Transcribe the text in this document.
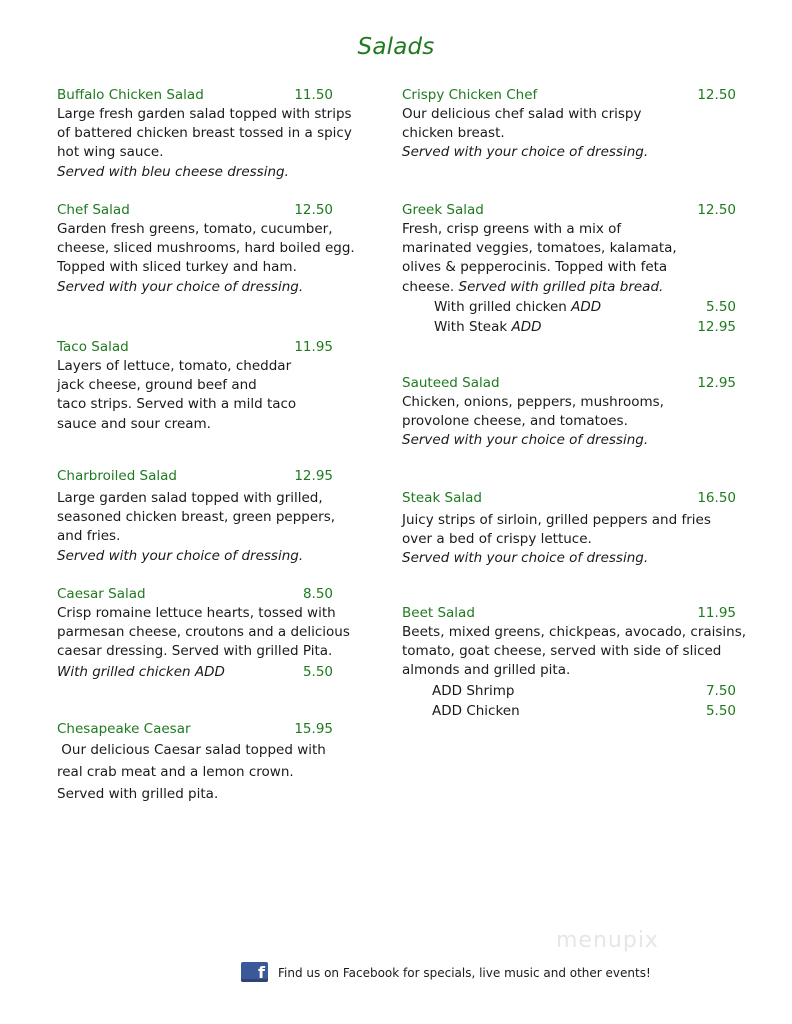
Salads
Buffalo Chicken Salad	11.50
Large fresh garden salad topped with strips
of battered chicken breast tossed in a spicy
hot wing sauce.
Served with bleu cheese dressing.
Chef Salad	12.50
Garden fresh greens, tomato, cucumber,
cheese, sliced mushrooms, hard boiled egg.
Topped with sliced turkey and ham.
Served with your choice of dressing.
Taco Salad	11.95
Layers of lettuce, tomato, cheddar
jack cheese, ground beef and
taco strips. Served with a mild taco
sauce and sour cream.
Charbroiled Salad	12.95
Large garden salad topped with grilled,
seasoned chicken breast, green peppers,
and fries.
Served with your choice of dressing.
Caesar Salad	8.50
Crisp romaine lettuce hearts, tossed with
parmesan cheese, croutons and a delicious
caesar dressing. Served with grilled Pita.
With grilled chicken ADD	5.50
Chesapeake Caesar	15.95
Our delicious Caesar salad topped with
real crab meat and a lemon crown.
Served with grilled pita.
Crispy Chicken Chef	12.50
Our delicious chef salad with crispy
chicken breast.
Served with your choice of dressing.
Greek Salad	12.50
Fresh, crisp greens with a mix of
marinated veggies, tomatoes, kalamata,
olives & pepperocinis. Topped with feta
cheese. Served with grilled pita bread.
With grilled chicken ADD	5.50
With Steak ADD	12.95
Sauteed Salad	12.95
Chicken, onions, peppers, mushrooms,
provolone cheese, and tomatoes.
Served with your choice of dressing.
Steak Salad	16.50
Juicy strips of sirloin, grilled peppers and fries
over a bed of crispy lettuce.
Served with your choice of dressing.
Beet Salad	11.95
Beets, mixed greens, chickpeas, avocado, craisins,
tomato, goat cheese, served with side of sliced
almonds and grilled pita.
ADD Shrimp	7.50
ADD Chicken	5.50
f Find us on Facebook for specials, live music and other events!
menupix
